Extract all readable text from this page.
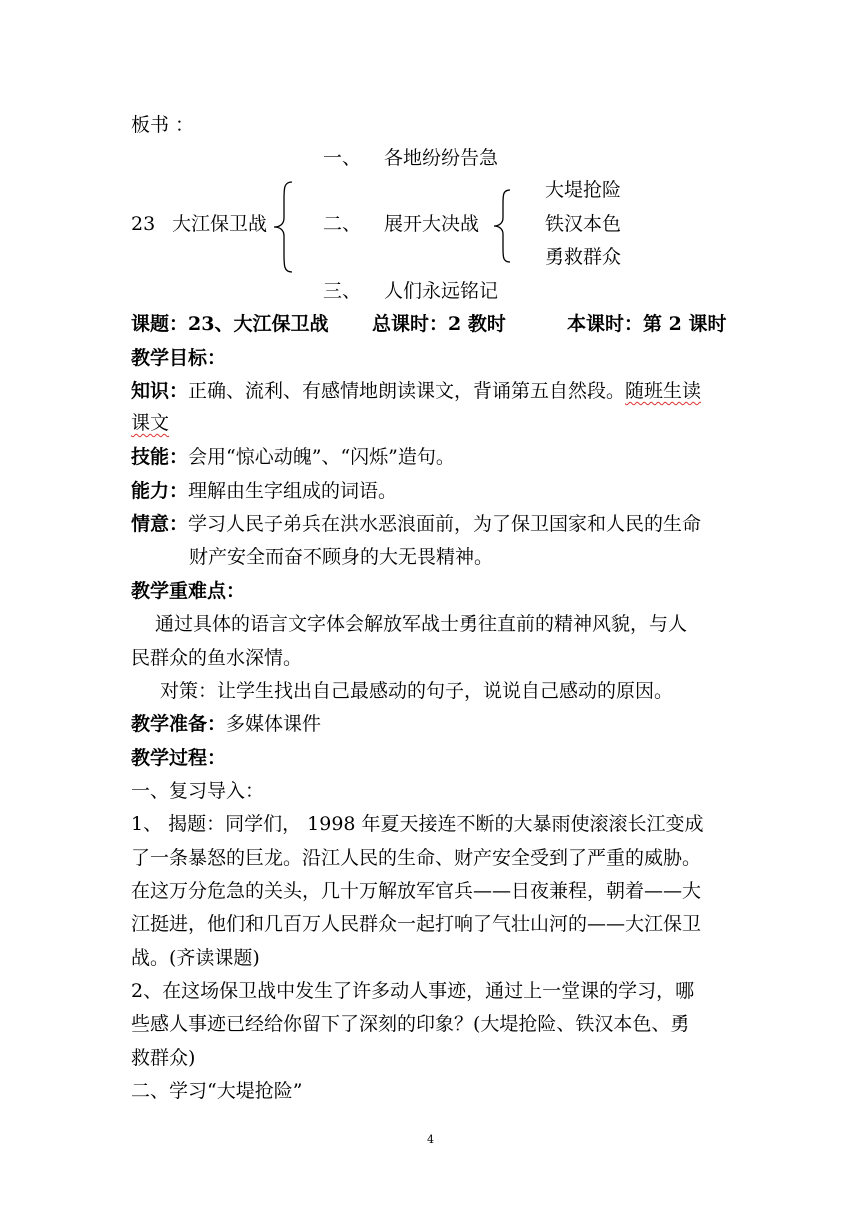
板书 ：
一、 各地纷纷告急
23 大江保卫战	二、 展开大决战
大堤抢险
铁汉本色
勇救群众
三、 人们永远铭记
课题：23、大江保卫战 总课时：2 教时	本课时：第 2 课时
教学目标：
知识：正确、流利、有感情地朗读课文，背诵第五自然段。随班生读
课文
技能：会用“惊心动魄”、“闪烁”造句。
能力：理解由生字组成的词语。
情意：学习人民子弟兵在洪水恶浪面前，为了保卫国家和人民的生命
财产安全而奋不顾身的大无畏精神。
教学重难点：
通过具体的语言文字体会解放军战士勇往直前的精神风貌，与人
民群众的鱼水深情。
对策：让学生找出自己最感动的句子，说说自己感动的原因。
教学准备：多媒体课件
教学过程：
一、复习导入：
1、 揭题：同学们， 1998 年夏天接连不断的大暴雨使滚滚长江变成
了一条暴怒的巨龙。沿江人民的生命、财产安全受到了严重的威胁。
在这万分危急的关头，几十万解放军官兵——日夜兼程，朝着——大
江挺进，他们和几百万人民群众一起打响了气壮山河的——大江保卫
战。(齐读课题)
2、在这场保卫战中发生了许多动人事迹，通过上一堂课的学习，哪
些感人事迹已经给你留下了深刻的印象？(大堤抢险、铁汉本色、勇
救群众)
二、学习“大堤抢险”
4
